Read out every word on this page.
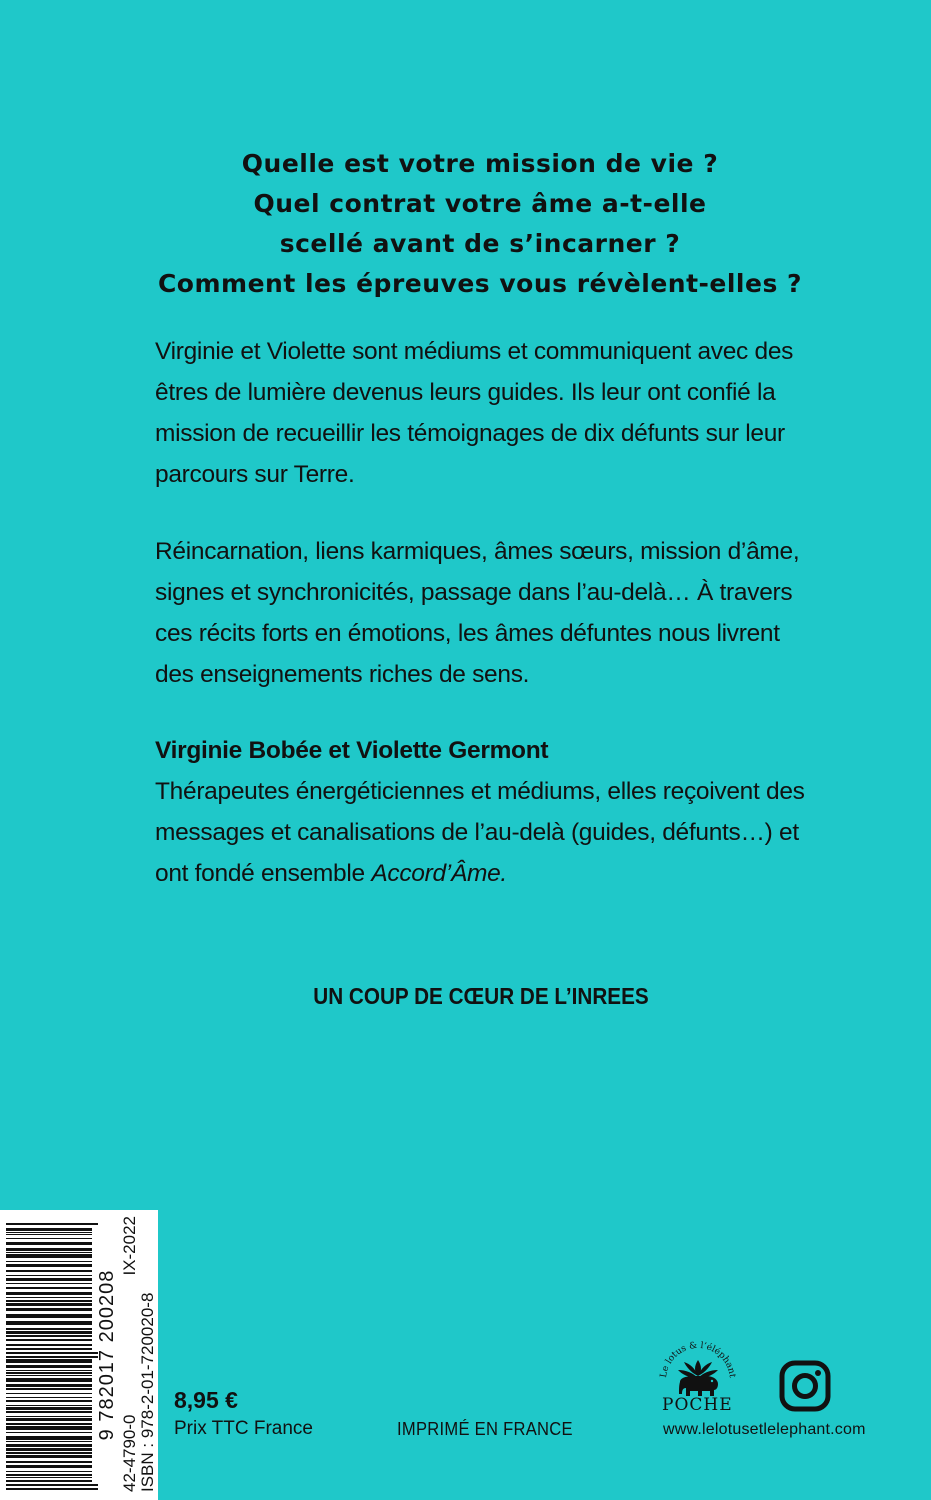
Quelle est votre mission de vie ?
Quel contrat votre âme a-t-elle
scellé avant de s’incarner ?
Comment les épreuves vous révèlent-elles ?
Virginie et Violette sont médiums et communiquent avec des êtres de lumière devenus leurs guides. Ils leur ont confié la mission de recueillir les témoignages de dix défunts sur leur parcours sur Terre.
Réincarnation, liens karmiques, âmes sœurs, mission d’âme, signes et synchronicités, passage dans l’au-delà… À travers ces récits forts en émotions, les âmes défuntes nous livrent des enseignements riches de sens.
Virginie Bobée et Violette Germont
Thérapeutes énergéticiennes et médiums, elles reçoivent des messages et canalisations de l’au-delà (guides, défunts…) et ont fondé ensemble Accord’Âme.
UN COUP DE CŒUR DE L’INREES
9 782017 200208
42-4790-0
IX-2022
ISBN : 978-2-01-720020-8 8,95 €
Prix TTC France	IMPRIMÉ EN FRANCE
Le lotus & l’éléphant
POCHE
www.lelotusetlelephant.com
